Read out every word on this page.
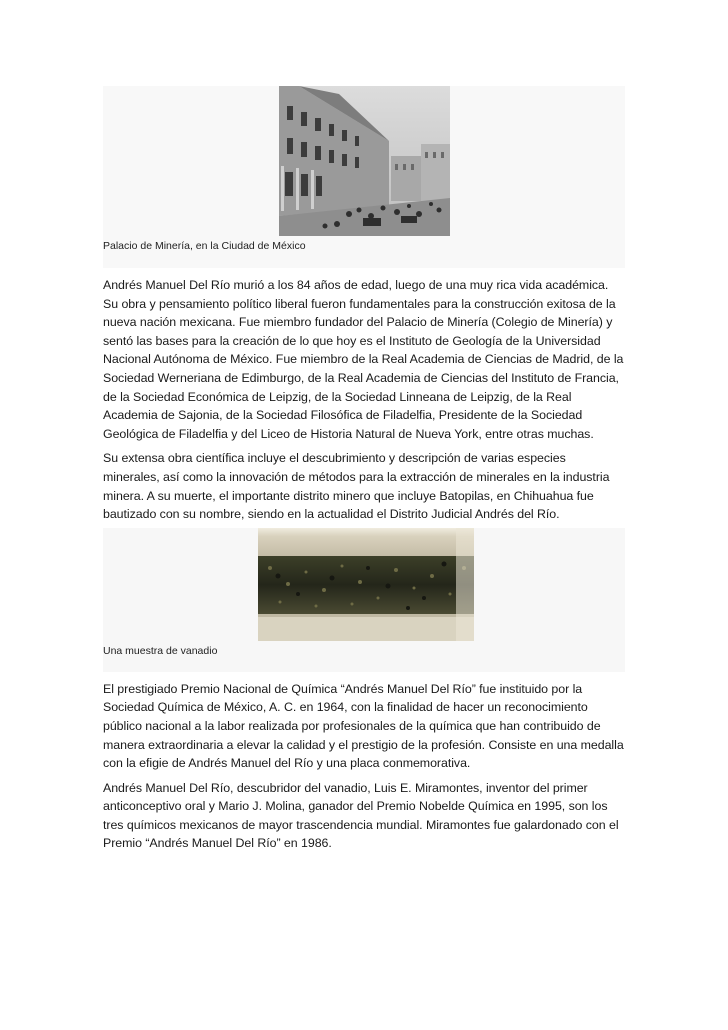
Palacio de Minería, en la Ciudad de México

Andrés Manuel Del Río murió a los 84 años de edad, luego de una muy rica vida académica. Su obra y pensamiento político liberal fueron fundamentales para la construcción exitosa de la nueva nación mexicana. Fue miembro fundador del Palacio de Minería (Colegio de Minería) y sentó las bases para la creación de lo que hoy es el Instituto de Geología de la Universidad Nacional Autónoma de México. Fue miembro de la Real Academia de Ciencias de Madrid, de la Sociedad Werneriana de Edimburgo, de la Real Academia de Ciencias del Instituto de Francia, de la Sociedad Económica de Leipzig, de la Sociedad Linneana de Leipzig, de la Real Academia de Sajonia, de la Sociedad Filosófica de Filadelfia, Presidente de la Sociedad Geológica de Filadelfia y del Liceo de Historia Natural de Nueva York, entre otras muchas.

Su extensa obra científica incluye el descubrimiento y descripción de varias especies minerales, así como la innovación de métodos para la extracción de minerales en la industria minera. A su muerte, el importante distrito minero que incluye Batopilas, en Chihuahua fue bautizado con su nombre, siendo en la actualidad el Distrito Judicial Andrés del Río.

Una muestra de vanadio

El prestigiado Premio Nacional de Química “Andrés Manuel Del Río” fue instituido por la Sociedad Química de México, A. C. en 1964, con la finalidad de hacer un reconocimiento público nacional a la labor realizada por profesionales de la química que han contribuido de manera extraordinaria a elevar la calidad y el prestigio de la profesión. Consiste en una medalla con la efigie de Andrés Manuel del Río y una placa conmemorativa.

Andrés Manuel Del Río, descubridor del vanadio, Luis E. Miramontes, inventor del primer anticonceptivo oral y Mario J. Molina, ganador del Premio Nobelde Química en 1995, son los tres químicos mexicanos de mayor trascendencia mundial. Miramontes fue galardonado con el Premio “Andrés Manuel Del Río” en 1986.
